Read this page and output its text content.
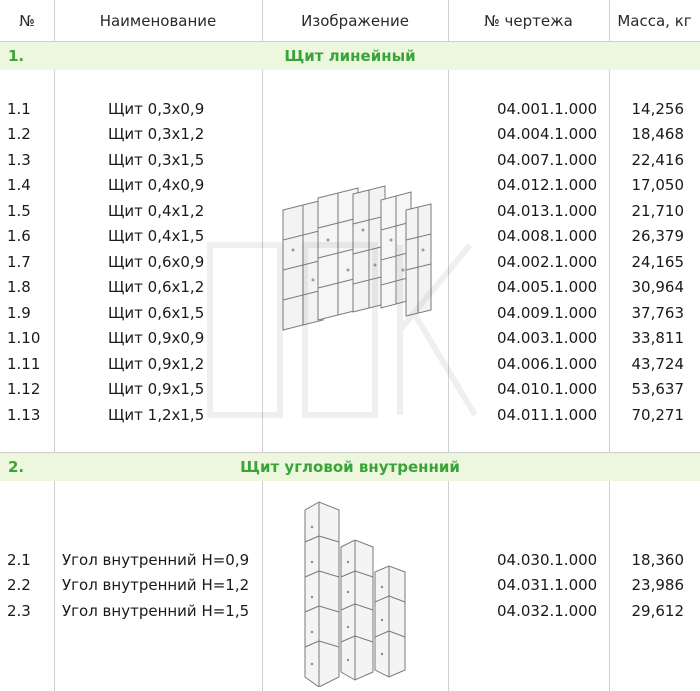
№	Наименование	Изображение	№ чертежа	Масса, кг
Щит линейный
1.
1.1	Щит 0,3х0,9	04.001.1.000 14,256
1.2	Щит 0,3х1,2	04.004.1.000 18,468
1.3	Щит 0,3х1,5	04.007.1.000 22,416
1.4	Щит 0,4х0,9	04.012.1.000 17,050
1.5	Щит 0,4х1,2	04.013.1.000 21,710
1.6	Щит 0,4х1,5	04.008.1.000 26,379
1.7	Щит 0,6х0,9	04.002.1.000 24,165
1.8	Щит 0,6х1,2	04.005.1.000 30,964
1.9	Щит 0,6х1,5	04.009.1.000 37,763
1.10	Щит 0,9х0,9	04.003.1.000 33,811
1.11	Щит 0,9х1,2	04.006.1.000 43,724
1.12	Щит 0,9х1,5	04.010.1.000 53,637
1.13	Щит 1,2х1,5	04.011.1.000 70,271
Щит угловой внутренний
2.
2.1 Угол внутренний Н=0,9	04.030.1.000 18,360
2.2 Угол внутренний Н=1,2	04.031.1.000 23,986
2.3 Угол внутренний Н=1,5	04.032.1.000 29,612
